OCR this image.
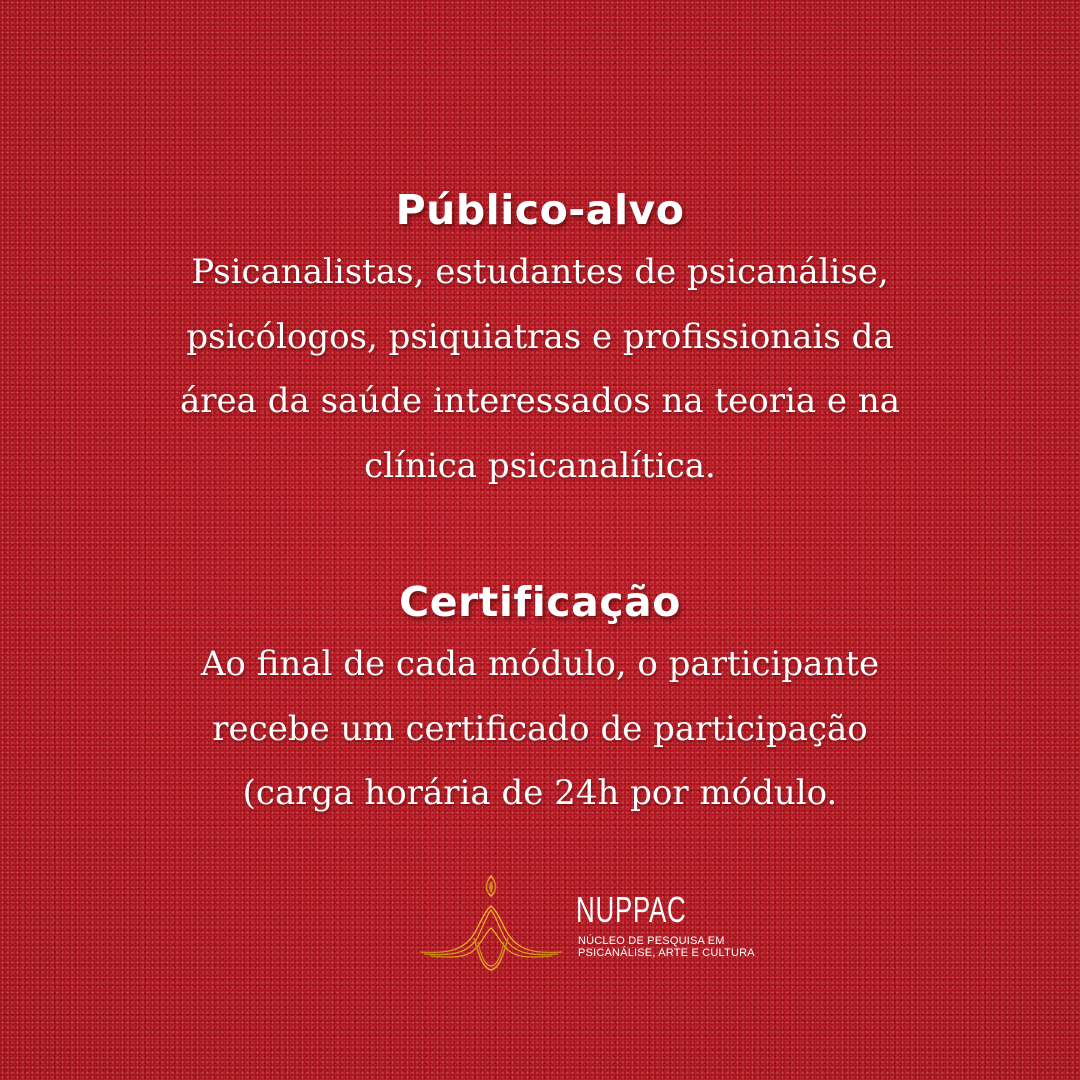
Público-alvo
Psicanalistas, estudantes de psicanálise,
psicólogos, psiquiatras e profissionais da
área da saúde interessados na teoria e na
clínica psicanalítica.
Certificação
Ao final de cada módulo, o participante
recebe um certificado de participação
(carga horária de 24h por módulo.
NUPPAC
NÚCLEO DE PESQUISA EM
PSICANÁLISE, ARTE E CULTURA
